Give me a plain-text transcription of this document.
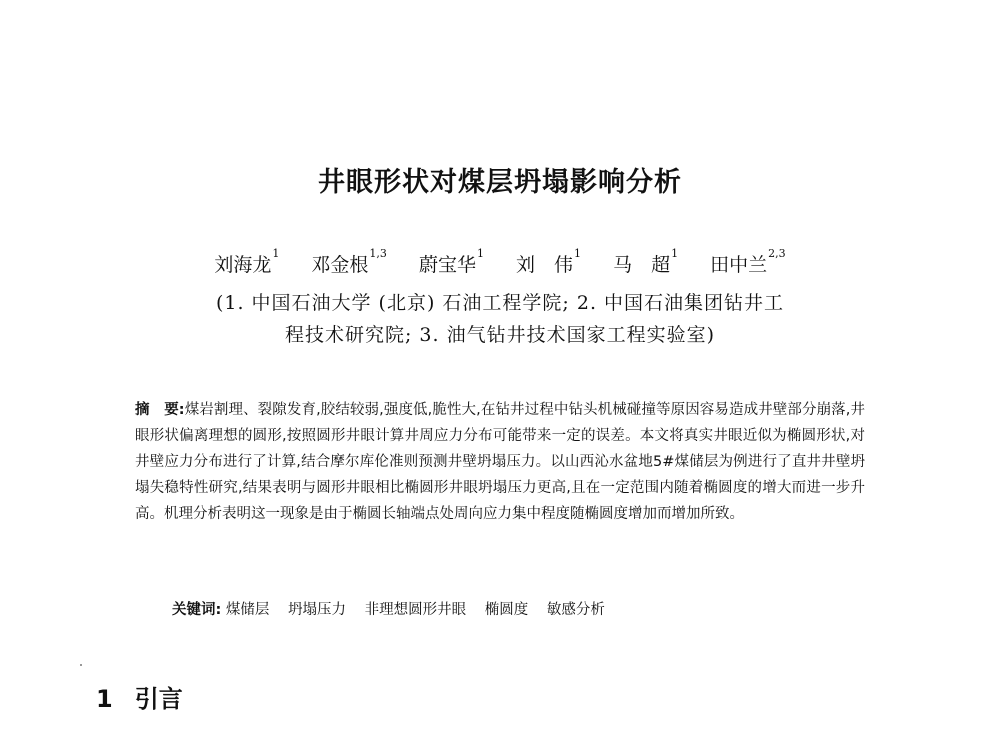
井眼形状对煤层坍塌影响分析
刘海龙$^1$ 邓金根$^{1,3}$ 蔚宝华$^1$ 刘　伟$^1$ 马　超$^1$ 田中兰$^{2,3}$
(1. 中国石油大学 (北京) 石油工程学院; 2. 中国石油集团钻井工
程技术研究院; 3. 油气钻井技术国家工程实验室)
摘　要:煤岩割理、裂隙发育,胶结较弱,强度低,脆性大,在钻井过程中钻头机械碰撞等原因容易造成井壁部分崩落,井眼形状偏离理想的圆形,按照圆形井眼计算井周应力分布可能带来一定的误差。本文将真实井眼近似为椭圆形状,对井壁应力分布进行了计算,结合摩尔库伦准则预测井壁坍塌压力。以山西沁水盆地5#煤储层为例进行了直井井壁坍塌失稳特性研究,结果表明与圆形井眼相比椭圆形井眼坍塌压力更高,且在一定范围内随着椭圆度的增大而进一步升高。机理分析表明这一现象是由于椭圆长轴端点处周向应力集中程度随椭圆度增加而增加所致。
关键词: 煤储层 坍塌压力 非理想圆形井眼 椭圆度 敏感分析
1 引言
